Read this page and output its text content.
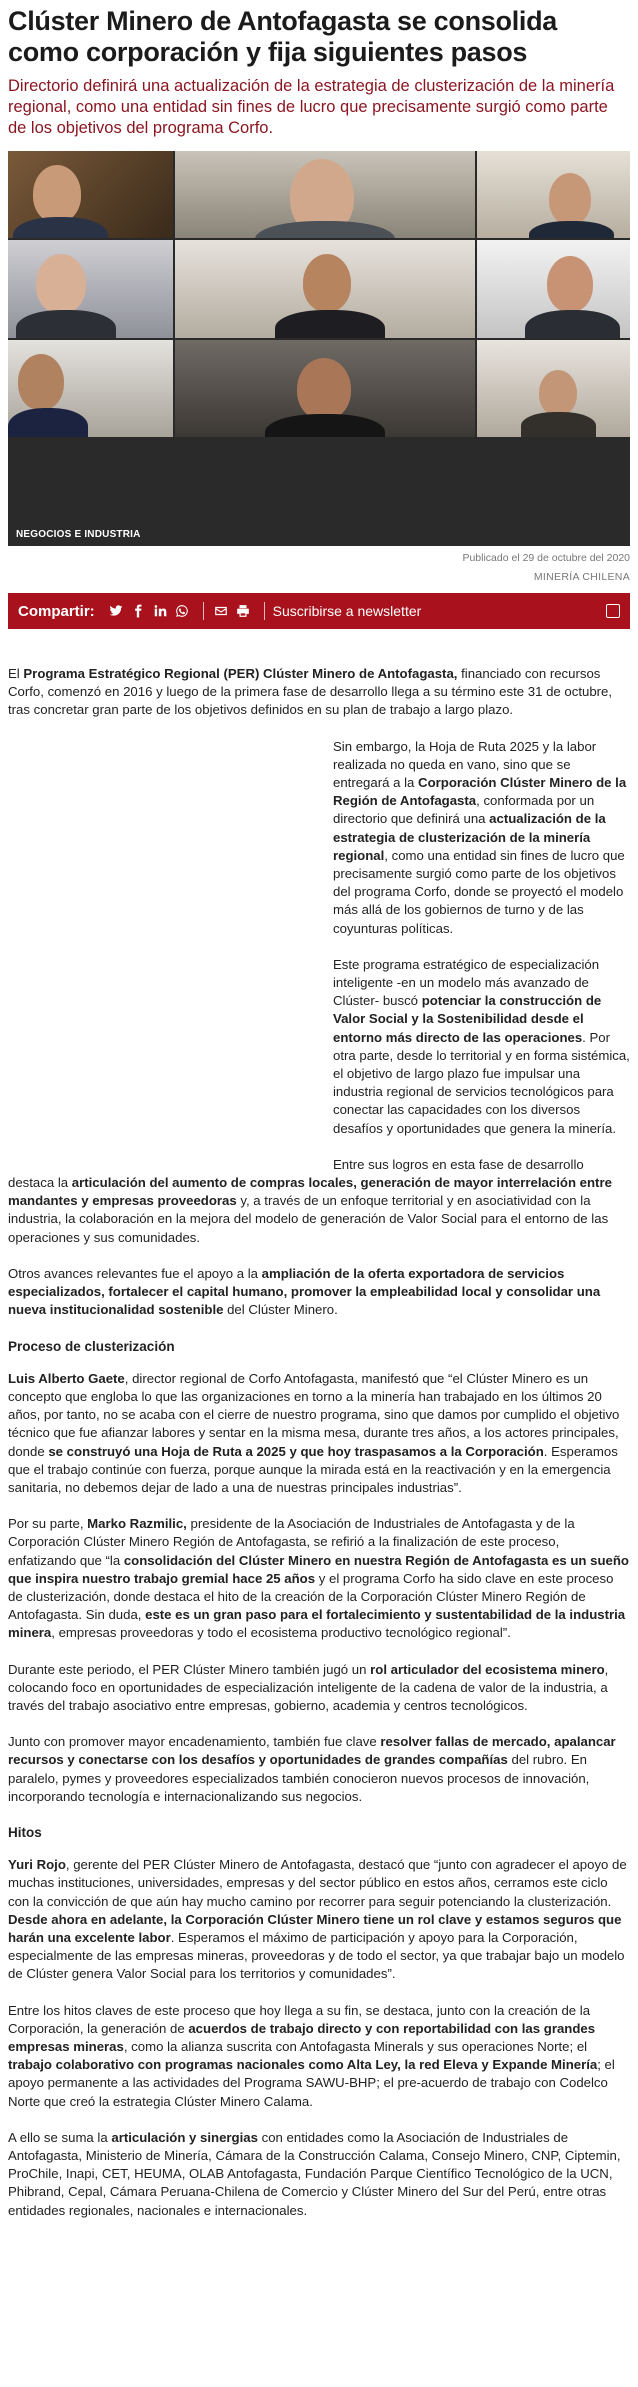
Clúster Minero de Antofagasta se consolida como corporación y fija siguientes pasos

Directorio definirá una actualización de la estrategia de clusterización de la minería regional, como una entidad sin fines de lucro que precisamente surgió como parte de los objetivos del programa Corfo.

NEGOCIOS E INDUSTRIA
Publicado el 29 de octubre del 2020
MINERÍA CHILENA
Compartir:	Suscribirse a newsletter

El Programa Estratégico Regional (PER) Clúster Minero de Antofagasta, financiado con recursos Corfo, comenzó en 2016 y luego de la primera fase de desarrollo llega a su término este 31 de octubre, tras concretar gran parte de los objetivos definidos en su plan de trabajo a largo plazo.

Sin embargo, la Hoja de Ruta 2025 y la labor realizada no queda en vano, sino que se entregará a la Corporación Clúster Minero de la Región de Antofagasta, conformada por un directorio que definirá una actualización de la estrategia de clusterización de la minería regional, como una entidad sin fines de lucro que precisamente surgió como parte de los objetivos del programa Corfo, donde se proyectó el modelo más allá de los gobiernos de turno y de las coyunturas políticas.

Este programa estratégico de especialización inteligente -en un modelo más avanzado de Clúster- buscó potenciar la construcción de Valor Social y la Sostenibilidad desde el entorno más directo de las operaciones. Por otra parte, desde lo territorial y en forma sistémica, el objetivo de largo plazo fue impulsar una industria regional de servicios tecnológicos para conectar las capacidades con los diversos desafíos y oportunidades que genera la minería.

Entre sus logros en esta fase de desarrollo destaca la articulación del aumento de compras locales, generación de mayor interrelación entre mandantes y empresas proveedoras y, a través de un enfoque territorial y en asociatividad con la industria, la colaboración en la mejora del modelo de generación de Valor Social para el entorno de las operaciones y sus comunidades.

Otros avances relevantes fue el apoyo a la ampliación de la oferta exportadora de servicios especializados, fortalecer el capital humano, promover la empleabilidad local y consolidar una nueva institucionalidad sostenible del Clúster Minero.

Proceso de clusterización

Luis Alberto Gaete, director regional de Corfo Antofagasta, manifestó que “el Clúster Minero es un concepto que engloba lo que las organizaciones en torno a la minería han trabajado en los últimos 20 años, por tanto, no se acaba con el cierre de nuestro programa, sino que damos por cumplido el objetivo técnico que fue afianzar labores y sentar en la misma mesa, durante tres años, a los actores principales, donde se construyó una Hoja de Ruta a 2025 y que hoy traspasamos a la Corporación. Esperamos que el trabajo continúe con fuerza, porque aunque la mirada está en la reactivación y en la emergencia sanitaria, no debemos dejar de lado a una de nuestras principales industrias”.

Por su parte, Marko Razmilic, presidente de la Asociación de Industriales de Antofagasta y de la Corporación Clúster Minero Región de Antofagasta, se refirió a la finalización de este proceso, enfatizando que “la consolidación del Clúster Minero en nuestra Región de Antofagasta es un sueño que inspira nuestro trabajo gremial hace 25 años y el programa Corfo ha sido clave en este proceso de clusterización, donde destaca el hito de la creación de la Corporación Clúster Minero Región de Antofagasta. Sin duda, este es un gran paso para el fortalecimiento y sustentabilidad de la industria minera, empresas proveedoras y todo el ecosistema productivo tecnológico regional”.

Durante este periodo, el PER Clúster Minero también jugó un rol articulador del ecosistema minero, colocando foco en oportunidades de especialización inteligente de la cadena de valor de la industria, a través del trabajo asociativo entre empresas, gobierno, academia y centros tecnológicos.

Junto con promover mayor encadenamiento, también fue clave resolver fallas de mercado, apalancar recursos y conectarse con los desafíos y oportunidades de grandes compañías del rubro. En paralelo, pymes y proveedores especializados también conocieron nuevos procesos de innovación, incorporando tecnología e internacionalizando sus negocios.

Hitos

Yuri Rojo, gerente del PER Clúster Minero de Antofagasta, destacó que “junto con agradecer el apoyo de muchas instituciones, universidades, empresas y del sector público en estos años, cerramos este ciclo con la convicción de que aún hay mucho camino por recorrer para seguir potenciando la clusterización. Desde ahora en adelante, la Corporación Clúster Minero tiene un rol clave y estamos seguros que harán una excelente labor. Esperamos el máximo de participación y apoyo para la Corporación, especialmente de las empresas mineras, proveedoras y de todo el sector, ya que trabajar bajo un modelo de Clúster genera Valor Social para los territorios y comunidades”.

Entre los hitos claves de este proceso que hoy llega a su fin, se destaca, junto con la creación de la Corporación, la generación de acuerdos de trabajo directo y con reportabilidad con las grandes empresas mineras, como la alianza suscrita con Antofagasta Minerals y sus operaciones Norte; el trabajo colaborativo con programas nacionales como Alta Ley, la red Eleva y Expande Minería; el apoyo permanente a las actividades del Programa SAWU-BHP; el pre-acuerdo de trabajo con Codelco Norte que creó la estrategia Clúster Minero Calama.

A ello se suma la articulación y sinergias con entidades como la Asociación de Industriales de Antofagasta, Ministerio de Minería, Cámara de la Construcción Calama, Consejo Minero, CNP, Ciptemin, ProChile, Inapi, CET, HEUMA, OLAB Antofagasta, Fundación Parque Científico Tecnológico de la UCN, Phibrand, Cepal, Cámara Peruana-Chilena de Comercio y Clúster Minero del Sur del Perú, entre otras entidades regionales, nacionales e internacionales.
